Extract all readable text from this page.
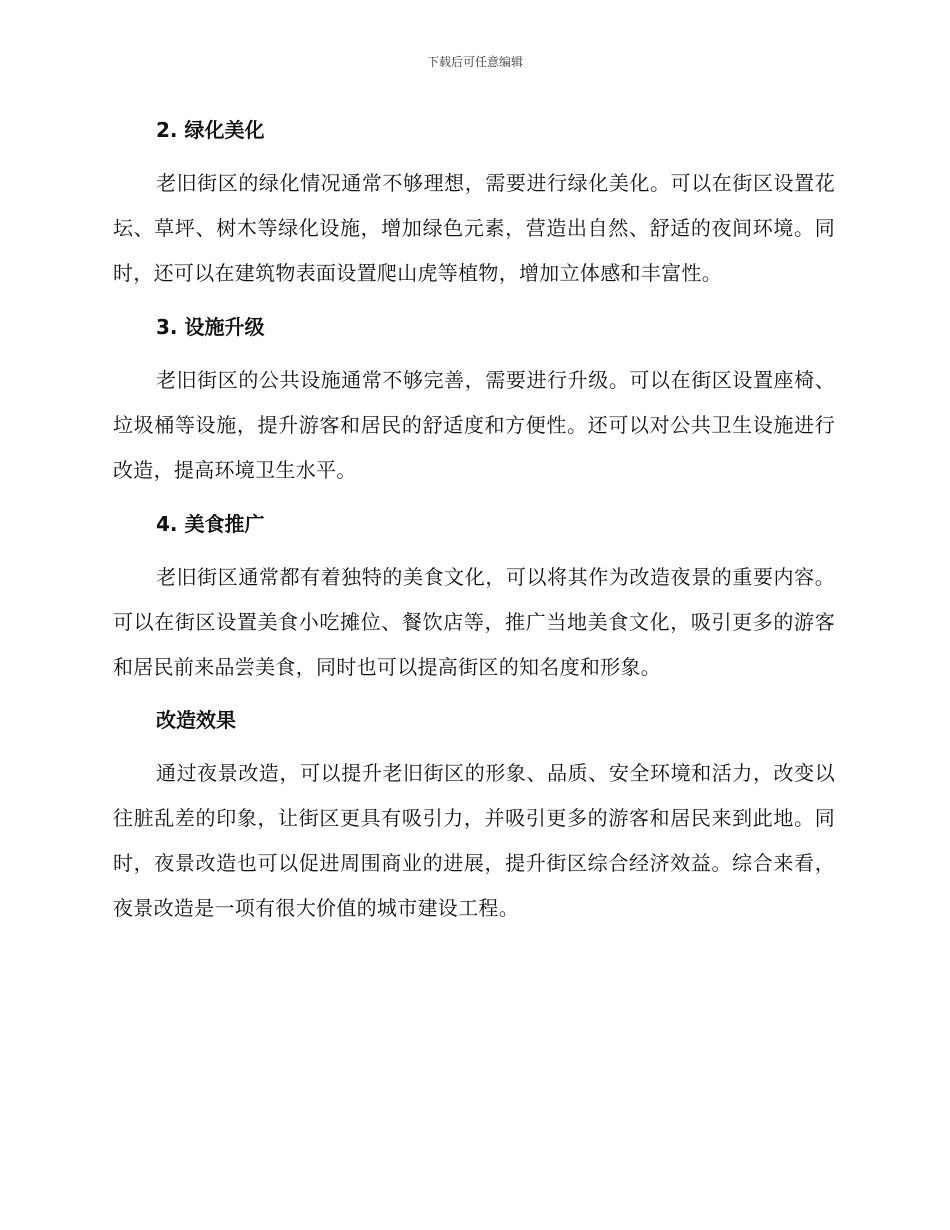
下载后可任意编辑
2. 绿化美化

老旧街区的绿化情况通常不够理想，需要进行绿化美化。可以在街区设置花坛、草坪、树木等绿化设施，增加绿色元素，营造出自然、舒适的夜间环境。同时，还可以在建筑物表面设置爬山虎等植物，增加立体感和丰富性。

3. 设施升级

老旧街区的公共设施通常不够完善，需要进行升级。可以在街区设置座椅、垃圾桶等设施，提升游客和居民的舒适度和方便性。还可以对公共卫生设施进行改造，提高环境卫生水平。

4. 美食推广

老旧街区通常都有着独特的美食文化，可以将其作为改造夜景的重要内容。可以在街区设置美食小吃摊位、餐饮店等，推广当地美食文化，吸引更多的游客和居民前来品尝美食，同时也可以提高街区的知名度和形象。

改造效果

通过夜景改造，可以提升老旧街区的形象、品质、安全环境和活力，改变以往脏乱差的印象，让街区更具有吸引力，并吸引更多的游客和居民来到此地。同时，夜景改造也可以促进周围商业的进展，提升街区综合经济效益。综合来看，夜景改造是一项有很大价值的城市建设工程。
